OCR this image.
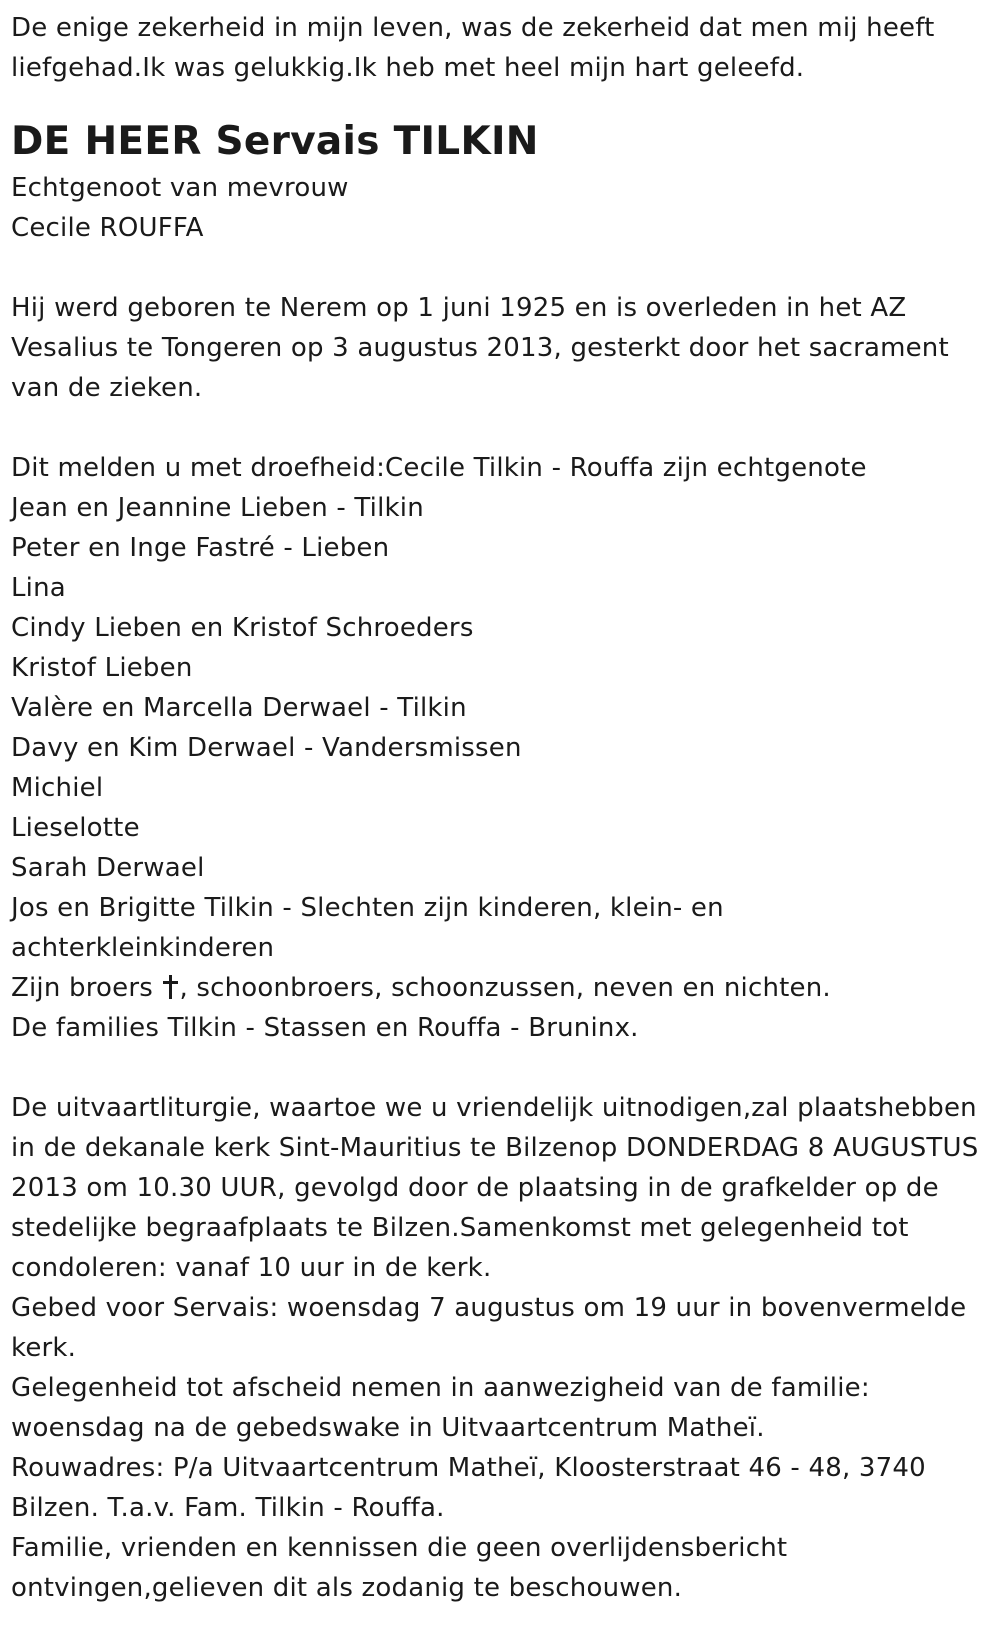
De enige zekerheid in mijn leven, was de zekerheid dat men mij heeft liefgehad.Ik was gelukkig.Ik heb met heel mijn hart geleefd.

DE HEER Servais TILKIN
Echtgenoot van mevrouw
Cecile ROUFFA

Hij werd geboren te Nerem op 1 juni 1925 en is overleden in het AZ Vesalius te Tongeren op 3 augustus 2013, gesterkt door het sacrament van de zieken.

Dit melden u met droefheid:Cecile Tilkin - Rouffa zijn echtgenote
Jean en Jeannine Lieben - Tilkin
Peter en Inge Fastré - Lieben
Lina
Cindy Lieben en Kristof Schroeders
Kristof Lieben
Valère en Marcella Derwael - Tilkin
Davy en Kim Derwael - Vandersmissen
Michiel
Lieselotte
Sarah Derwael
Jos en Brigitte Tilkin - Slechten zijn kinderen, klein- en achterkleinkinderen
Zijn broers , schoonbroers, schoonzussen, neven en nichten.
De families Tilkin - Stassen en Rouffa - Bruninx.
De uitvaartliturgie, waartoe we u vriendelijk uitnodigen,zal plaatshebben in de dekanale kerk Sint-Mauritius te Bilzenop DONDERDAG 8 AUGUSTUS 2013 om 10.30 UUR, gevolgd door de plaatsing in de grafkelder op de stedelijke begraafplaats te Bilzen.Samenkomst met gelegenheid tot condoleren: vanaf 10 uur in de kerk.
Gebed voor Servais: woensdag 7 augustus om 19 uur in bovenvermelde kerk.
Gelegenheid tot afscheid nemen in aanwezigheid van de familie: woensdag na de gebedswake in Uitvaartcentrum Matheï.
Rouwadres: P/a Uitvaartcentrum Matheï, Kloosterstraat 46 - 48, 3740 Bilzen. T.a.v. Fam. Tilkin - Rouffa.
Familie, vrienden en kennissen die geen overlijdensbericht ontvingen,gelieven dit als zodanig te beschouwen.
